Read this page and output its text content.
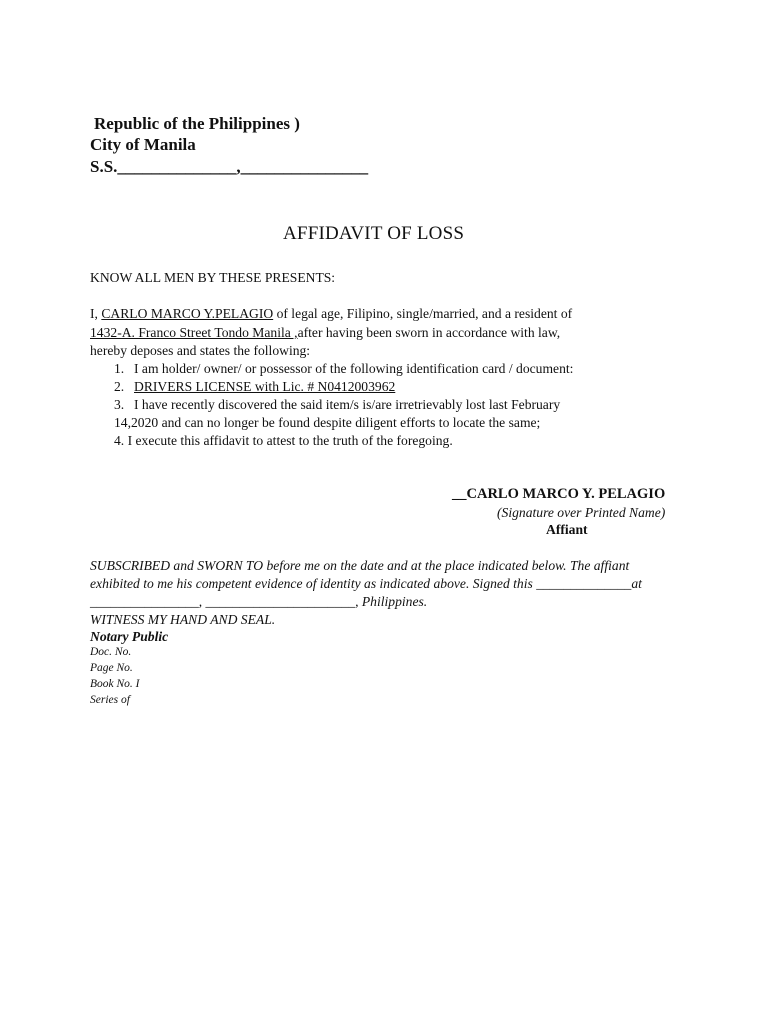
Republic of the Philippines )
City of Manila
S.S.______________,_______________
AFFIDAVIT OF LOSS
KNOW ALL MEN BY THESE PRESENTS:
I, CARLO MARCO Y.PELAGIO of legal age, Filipino, single/married, and a resident of
1432-A. Franco Street Tondo Manila ,after having been sworn in accordance with law,
hereby deposes and states the following:
1. I am holder/ owner/ or possessor of the following identification card / document:
2. DRIVERS LICENSE with Lic. # N0412003962
3. I have recently discovered the said item/s is/are irretrievably lost last February
14,2020 and can no longer be found despite diligent efforts to locate the same;
4. I execute this affidavit to attest to the truth of the foregoing.
__CARLO MARCO Y. PELAGIO
(Signature over Printed Name)
Affiant
SUBSCRIBED and SWORN TO before me on the date and at the place indicated below. The affiant
exhibited to me his competent evidence of identity as indicated above. Signed this ______________at
________________, ______________________, Philippines.
WITNESS MY HAND AND SEAL.
Notary Public
Doc. No.
Page No.
Book No. I
Series of
